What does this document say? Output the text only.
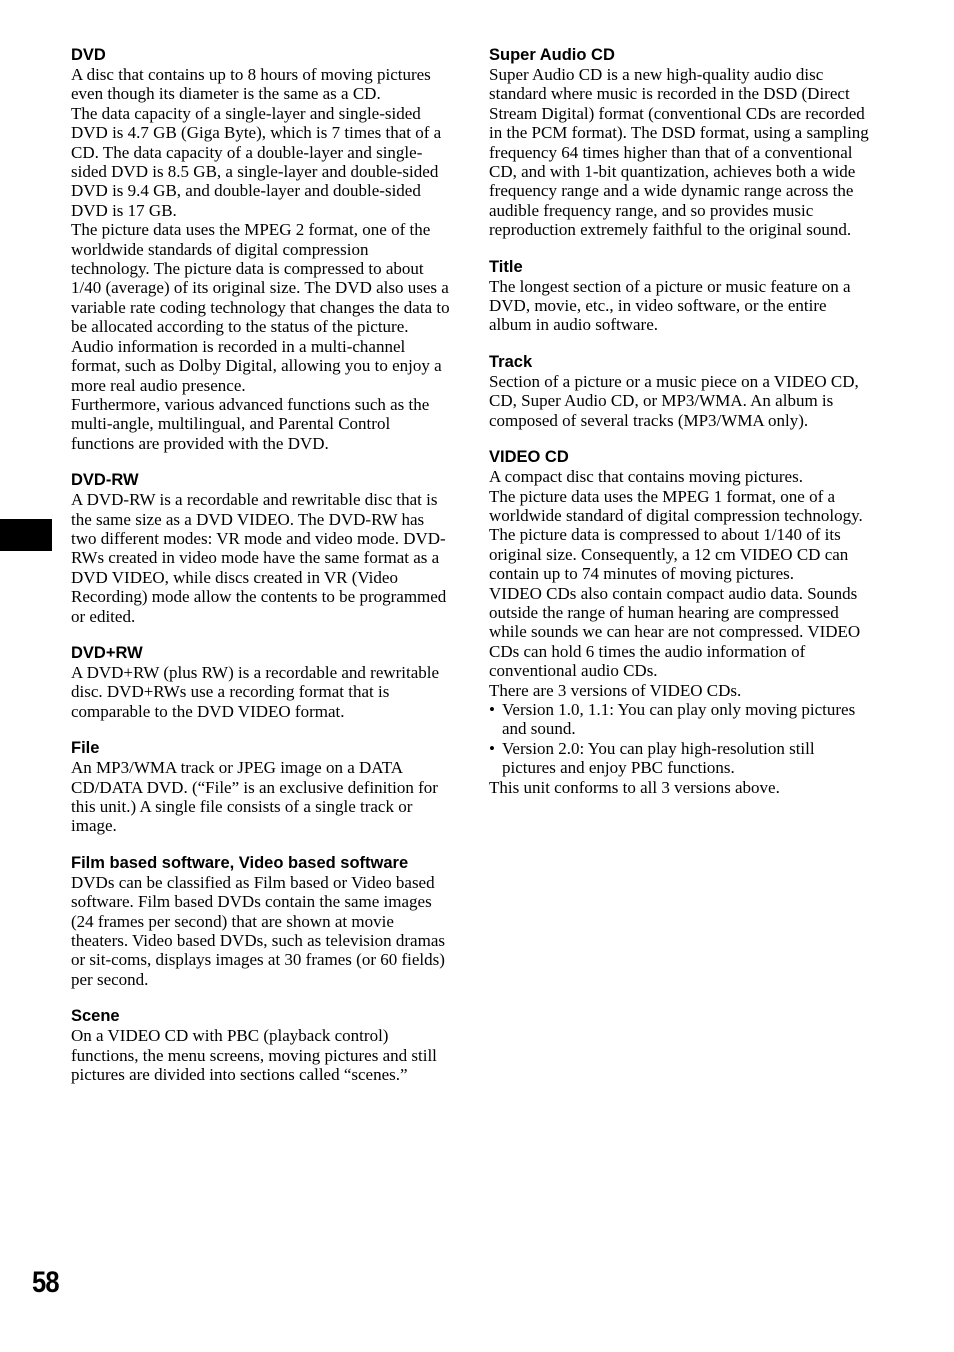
DVD

A disc that contains up to 8 hours of moving pictures even though its diameter is the same as a CD.

The data capacity of a single-layer and single-sided DVD is 4.7 GB (Giga Byte), which is 7 times that of a CD. The data capacity of a double-layer and single-sided DVD is 8.5 GB, a single-layer and double-sided DVD is 9.4 GB, and double-layer and double-sided DVD is 17 GB.

The picture data uses the MPEG 2 format, one of the worldwide standards of digital compression technology. The picture data is compressed to about 1/40 (average) of its original size. The DVD also uses a variable rate coding technology that changes the data to be allocated according to the status of the picture. Audio information is recorded in a multi-channel format, such as Dolby Digital, allowing you to enjoy a more real audio presence.

Furthermore, various advanced functions such as the multi-angle, multilingual, and Parental Control functions are provided with the DVD.

DVD-RW

A DVD-RW is a recordable and rewritable disc that is the same size as a DVD VIDEO. The DVD-RW has two different modes: VR mode and video mode. DVD-RWs created in video mode have the same format as a DVD VIDEO, while discs created in VR (Video Recording) mode allow the contents to be programmed or edited.

DVD+RW

A DVD+RW (plus RW) is a recordable and rewritable disc. DVD+RWs use a recording format that is comparable to the DVD VIDEO format.

File

An MP3/WMA track or JPEG image on a DATA CD/DATA DVD. (“File” is an exclusive definition for this unit.) A single file consists of a single track or image.

Film based software, Video based software

DVDs can be classified as Film based or Video based software. Film based DVDs contain the same images (24 frames per second) that are shown at movie theaters. Video based DVDs, such as television dramas or sit-coms, displays images at 30 frames (or 60 fields) per second.

Scene

On a VIDEO CD with PBC (playback control) functions, the menu screens, moving pictures and still pictures are divided into sections called “scenes.”

Super Audio CD

Super Audio CD is a new high-quality audio disc standard where music is recorded in the DSD (Direct Stream Digital) format (conventional CDs are recorded in the PCM format). The DSD format, using a sampling frequency 64 times higher than that of a conventional CD, and with 1-bit quantization, achieves both a wide frequency range and a wide dynamic range across the audible frequency range, and so provides music reproduction extremely faithful to the original sound.

Title

The longest section of a picture or music feature on a DVD, movie, etc., in video software, or the entire album in audio software.

Track

Section of a picture or a music piece on a VIDEO CD, CD, Super Audio CD, or MP3/WMA. An album is composed of several tracks (MP3/WMA only).

VIDEO CD

A compact disc that contains moving pictures.

The picture data uses the MPEG 1 format, one of a worldwide standard of digital compression technology. The picture data is compressed to about 1/140 of its original size. Consequently, a 12 cm VIDEO CD can contain up to 74 minutes of moving pictures.

VIDEO CDs also contain compact audio data. Sounds outside the range of human hearing are compressed while sounds we can hear are not compressed. VIDEO CDs can hold 6 times the audio information of conventional audio CDs.

There are 3 versions of VIDEO CDs.

• Version 1.0, 1.1: You can play only moving pictures and sound.
• Version 2.0: You can play high-resolution still pictures and enjoy PBC functions.

This unit conforms to all 3 versions above.

58
